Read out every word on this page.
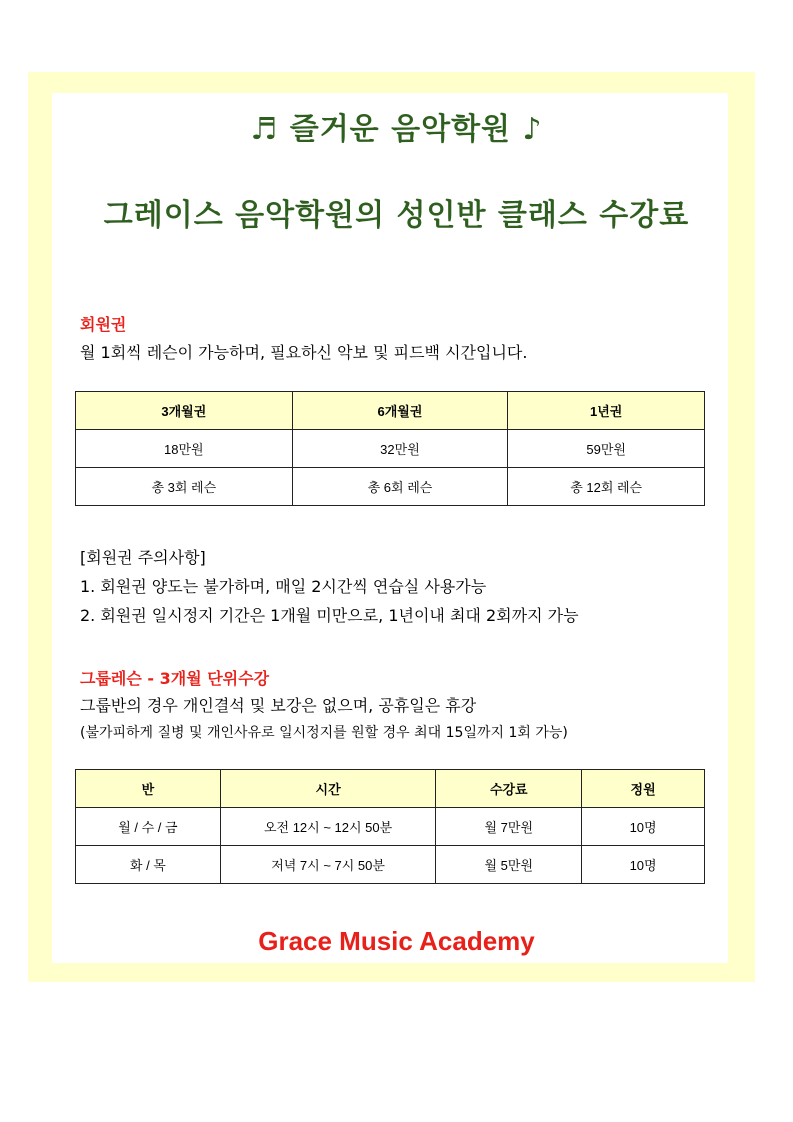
♬ 즐거운 음악학원 ♪
그레이스 음악학원의 성인반 클래스 수강료
회원권
월 1회씩 레슨이 가능하며, 필요하신 악보 및 피드백 시간입니다.
3개월권	6개월권	1년권
18만원	32만원	59만원
총 3회 레슨	총 6회 레슨	총 12회 레슨
[회원권 주의사항]
1. 회원권 양도는 불가하며, 매일 2시간씩 연습실 사용가능
2. 회원권 일시정지 기간은 1개월 미만으로, 1년이내 최대 2회까지 가능
그룹레슨 - 3개월 단위수강
그룹반의 경우 개인결석 및 보강은 없으며, 공휴일은 휴강
(불가피하게 질병 및 개인사유로 일시정지를 원할 경우 최대 15일까지 1회 가능)
반	시간	수강료	정원
월 / 수 / 금	오전 12시 ~ 12시 50분	월 7만원	10명
화 / 목	저녁 7시 ~ 7시 50분	월 5만원	10명
Grace Music Academy
